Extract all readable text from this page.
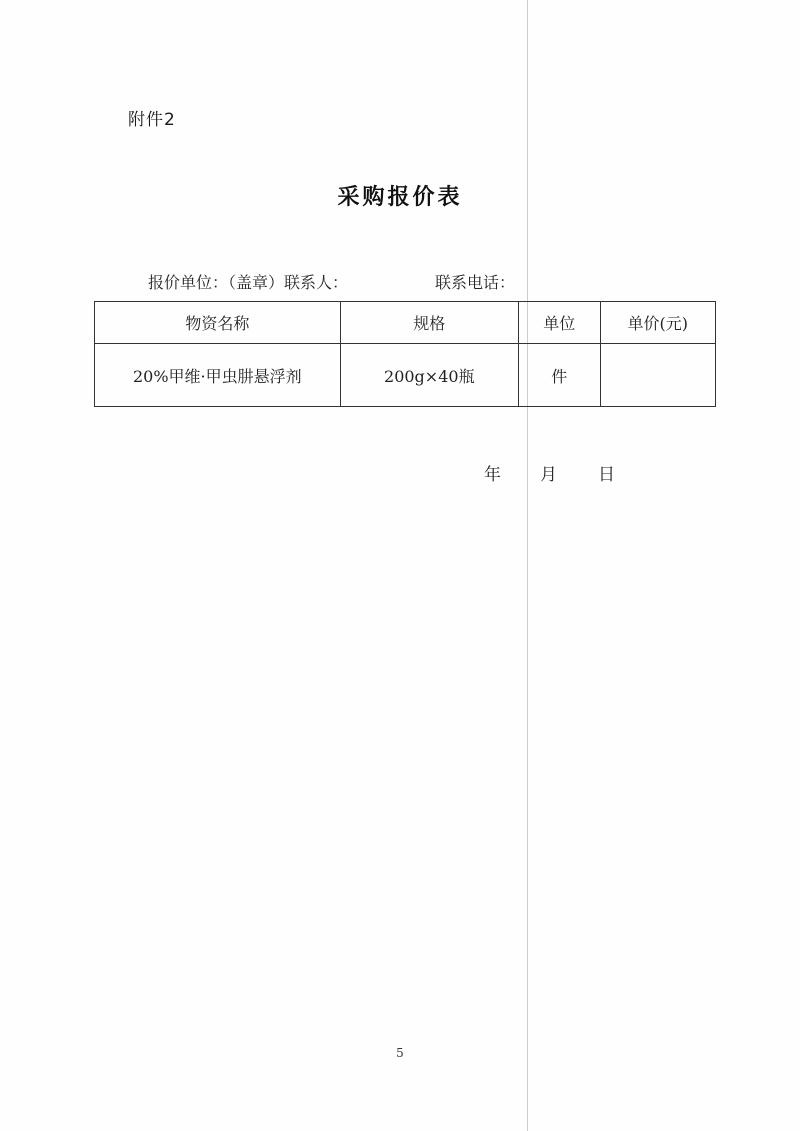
附件2
采购报价表
报价单位：（盖章）联系人：	联系电话：
物资名称	规格	单位	单价(元)
20%甲维·甲虫肼悬浮剂	200g×40瓶	件	
年 月 日
5
